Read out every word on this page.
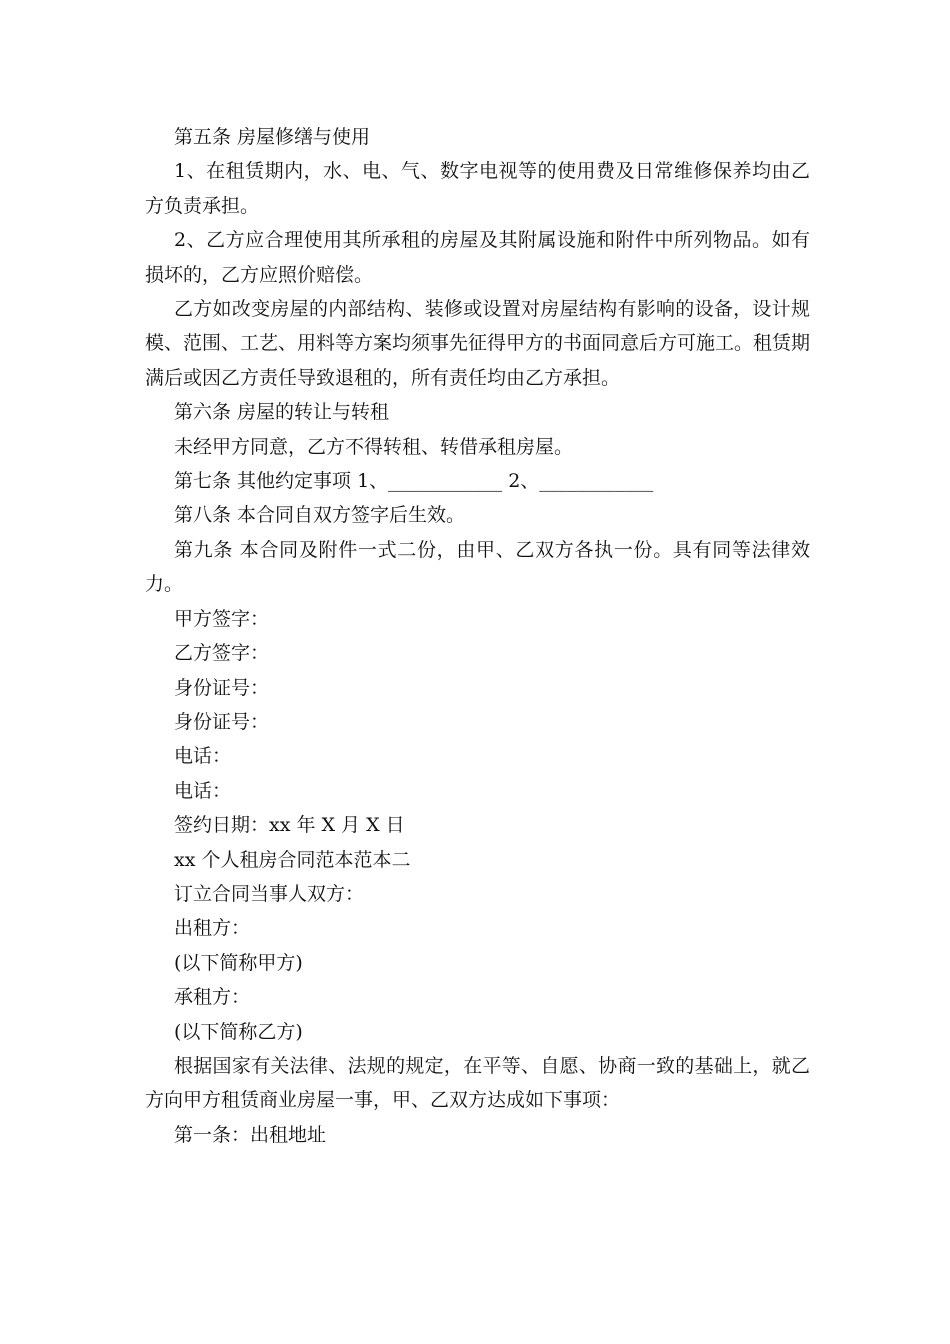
第五条 房屋修缮与使用

1、在租赁期内，水、电、气、数字电视等的使用费及日常维修保养均由乙方负责承担。

2、乙方应合理使用其所承租的房屋及其附属设施和附件中所列物品。如有损坏的，乙方应照价赔偿。

乙方如改变房屋的内部结构、装修或设置对房屋结构有影响的设备，设计规模、范围、工艺、用料等方案均须事先征得甲方的书面同意后方可施工。租赁期满后或因乙方责任导致退租的，所有责任均由乙方承担。

第六条 房屋的转让与转租

未经甲方同意，乙方不得转租、转借承租房屋。

第七条 其他约定事项 1、____________ 2、____________

第八条 本合同自双方签字后生效。

第九条 本合同及附件一式二份，由甲、乙双方各执一份。具有同等法律效力。

甲方签字：

乙方签字：

身份证号：

身份证号：

电话：

电话：

签约日期：xx 年 X 月 X 日

xx 个人租房合同范本范本二

订立合同当事人双方：

出租方：

(以下简称甲方)

承租方：

(以下简称乙方)

根据国家有关法律、法规的规定，在平等、自愿、协商一致的基础上，就乙方向甲方租赁商业房屋一事，甲、乙双方达成如下事项：

第一条：出租地址
